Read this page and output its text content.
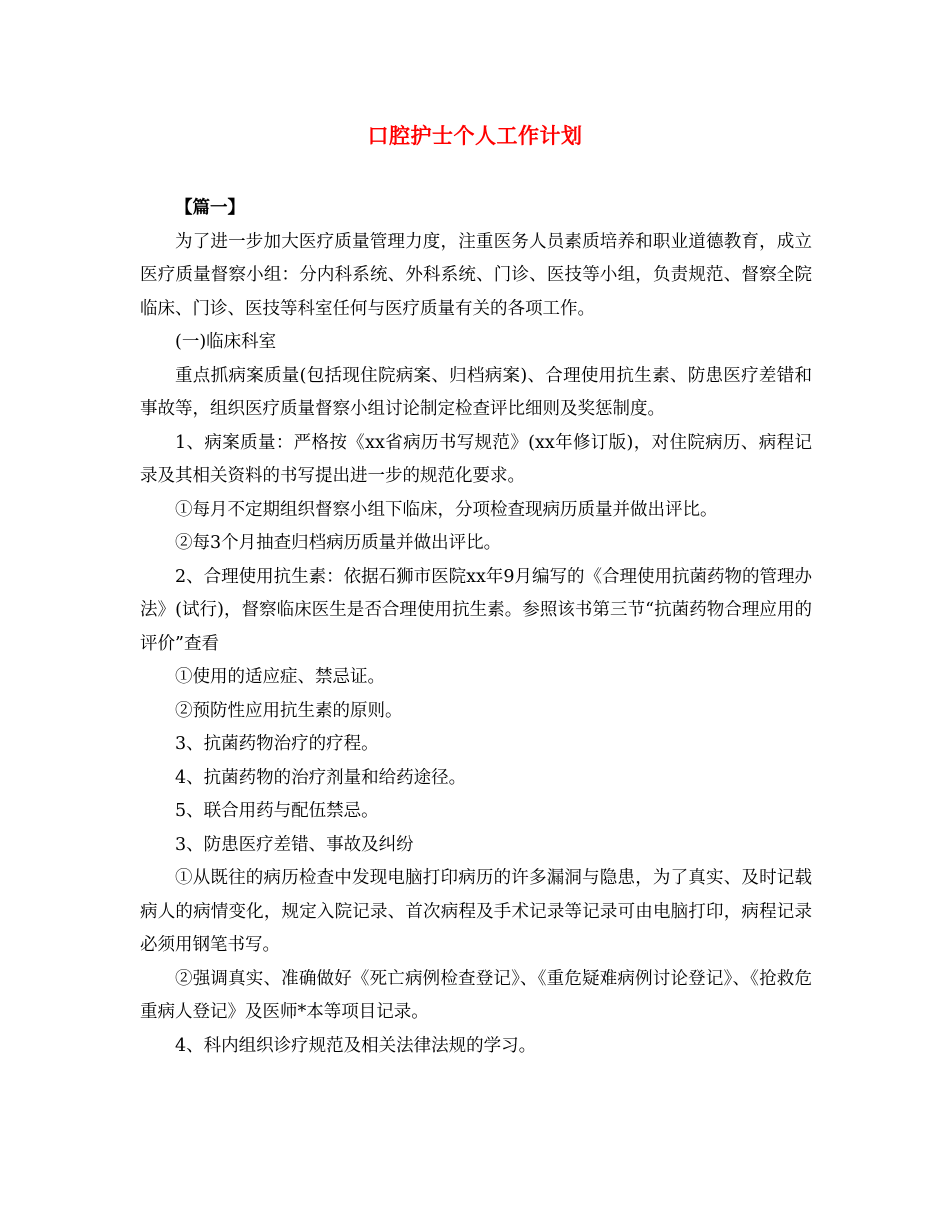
口腔护士个人工作计划

【篇一】

为了进一步加大医疗质量管理力度，注重医务人员素质培养和职业道德教育，成立医疗质量督察小组：分内科系统、外科系统、门诊、医技等小组，负责规范、督察全院临床、门诊、医技等科室任何与医疗质量有关的各项工作。

(一)临床科室

重点抓病案质量(包括现住院病案、归档病案)、合理使用抗生素、防患医疗差错和事故等，组织医疗质量督察小组讨论制定检查评比细则及奖惩制度。

1、病案质量：严格按《xx省病历书写规范》(xx年修订版)，对住院病历、病程记录及其相关资料的书写提出进一步的规范化要求。

①每月不定期组织督察小组下临床，分项检查现病历质量并做出评比。

②每3个月抽查归档病历质量并做出评比。

2、合理使用抗生素：依据石狮市医院xx年9月编写的《合理使用抗菌药物的管理办法》(试行)，督察临床医生是否合理使用抗生素。参照该书第三节“抗菌药物合理应用的评价”查看

①使用的适应症、禁忌证。

②预防性应用抗生素的原则。

3、抗菌药物治疗的疗程。

4、抗菌药物的治疗剂量和给药途径。

5、联合用药与配伍禁忌。

3、防患医疗差错、事故及纠纷

①从既往的病历检查中发现电脑打印病历的许多漏洞与隐患，为了真实、及时记载病人的病情变化，规定入院记录、首次病程及手术记录等记录可由电脑打印，病程记录必须用钢笔书写。

②强调真实、准确做好《死亡病例检查登记》、《重危疑难病例讨论登记》、《抢救危重病人登记》及医师*本等项目记录。

4、科内组织诊疗规范及相关法律法规的学习。
